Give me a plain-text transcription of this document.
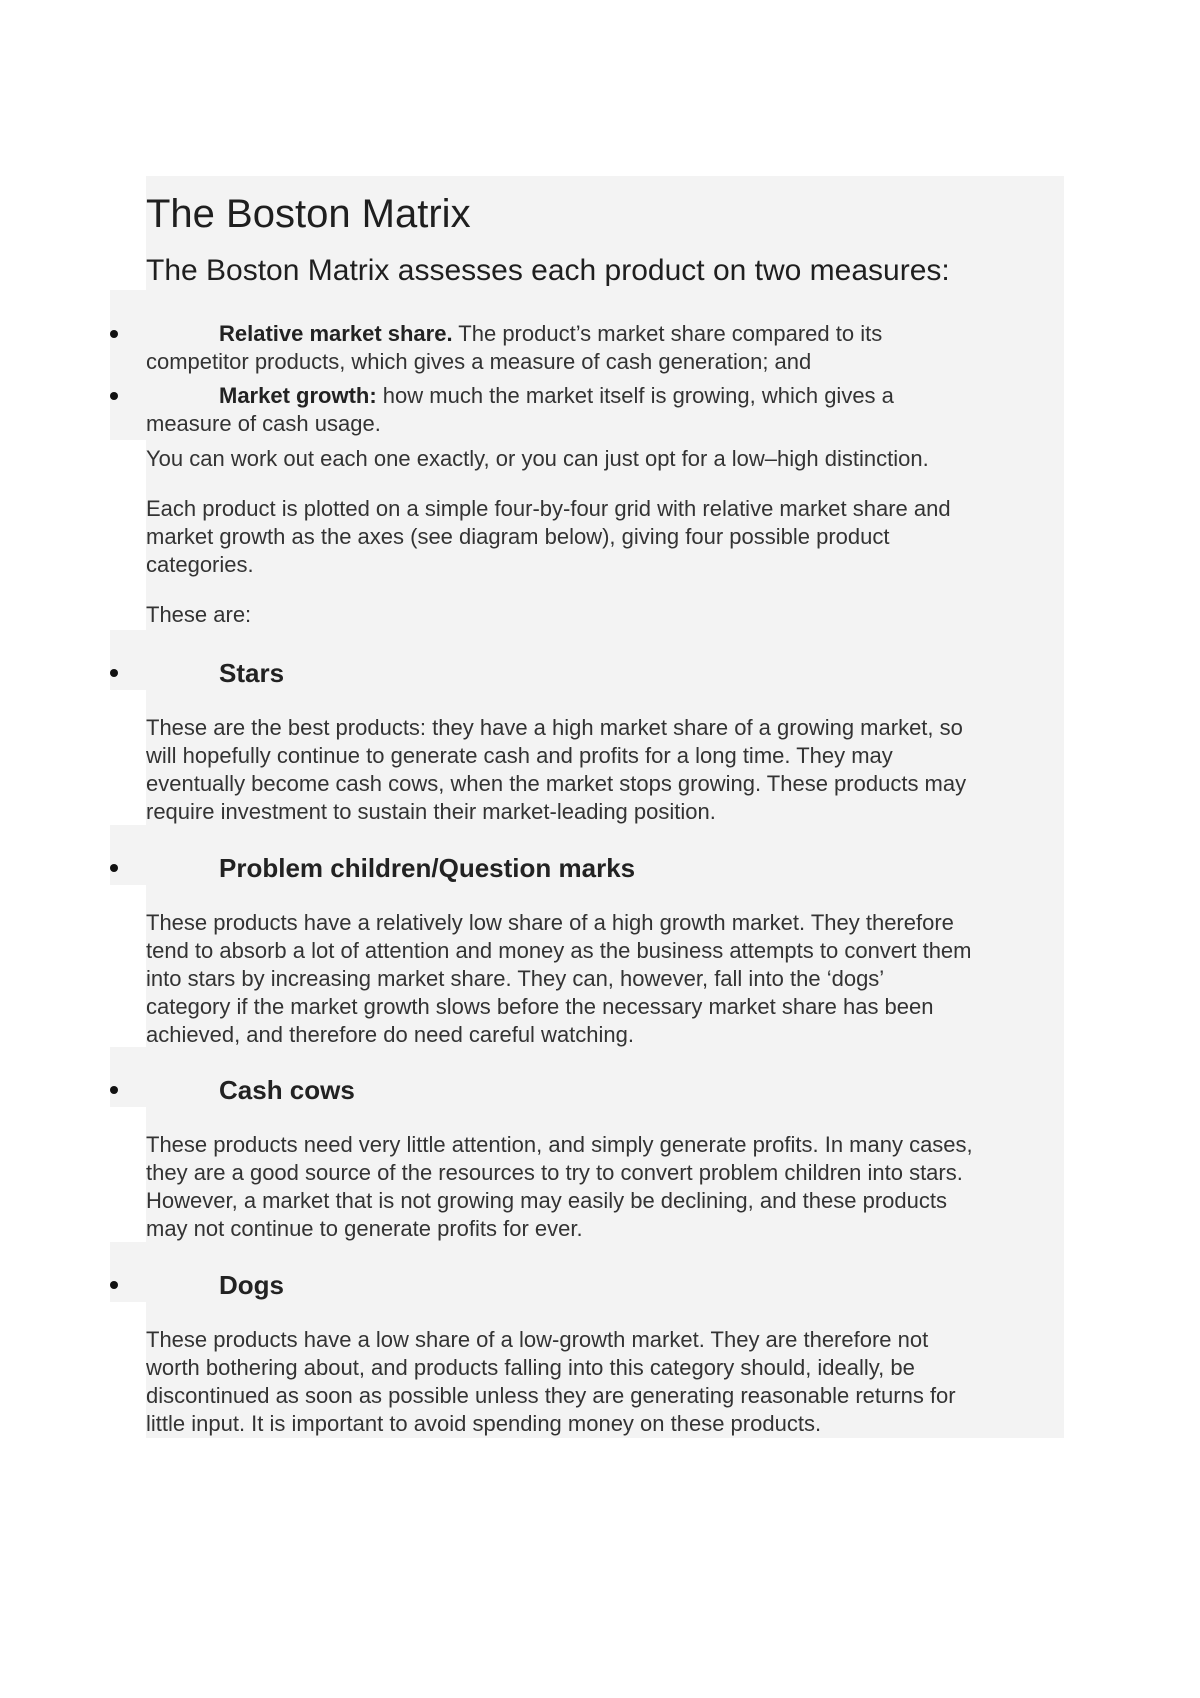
The Boston Matrix
The Boston Matrix assesses each product on two measures:

Relative market share. The product’s market share compared to its

competitor products, which gives a measure of cash generation; and

Market growth: how much the market itself is growing, which gives a

measure of cash usage.

You can work out each one exactly, or you can just opt for a low–high distinction.

Each product is plotted on a simple four-by-four grid with relative market share and

market growth as the axes (see diagram below), giving four possible product

categories.

These are:

Stars

These are the best products: they have a high market share of a growing market, so

will hopefully continue to generate cash and profits for a long time. They may

eventually become cash cows, when the market stops growing. These products may

require investment to sustain their market-leading position.

Problem children/Question marks

These products have a relatively low share of a high growth market. They therefore

tend to absorb a lot of attention and money as the business attempts to convert them

into stars by increasing market share. They can, however, fall into the ‘dogs’

category if the market growth slows before the necessary market share has been

achieved, and therefore do need careful watching.

Cash cows

These products need very little attention, and simply generate profits. In many cases,

they are a good source of the resources to try to convert problem children into stars.

However, a market that is not growing may easily be declining, and these products

may not continue to generate profits for ever.

Dogs

These products have a low share of a low-growth market. They are therefore not

worth bothering about, and products falling into this category should, ideally, be

discontinued as soon as possible unless they are generating reasonable returns for

little input. It is important to avoid spending money on these products.
